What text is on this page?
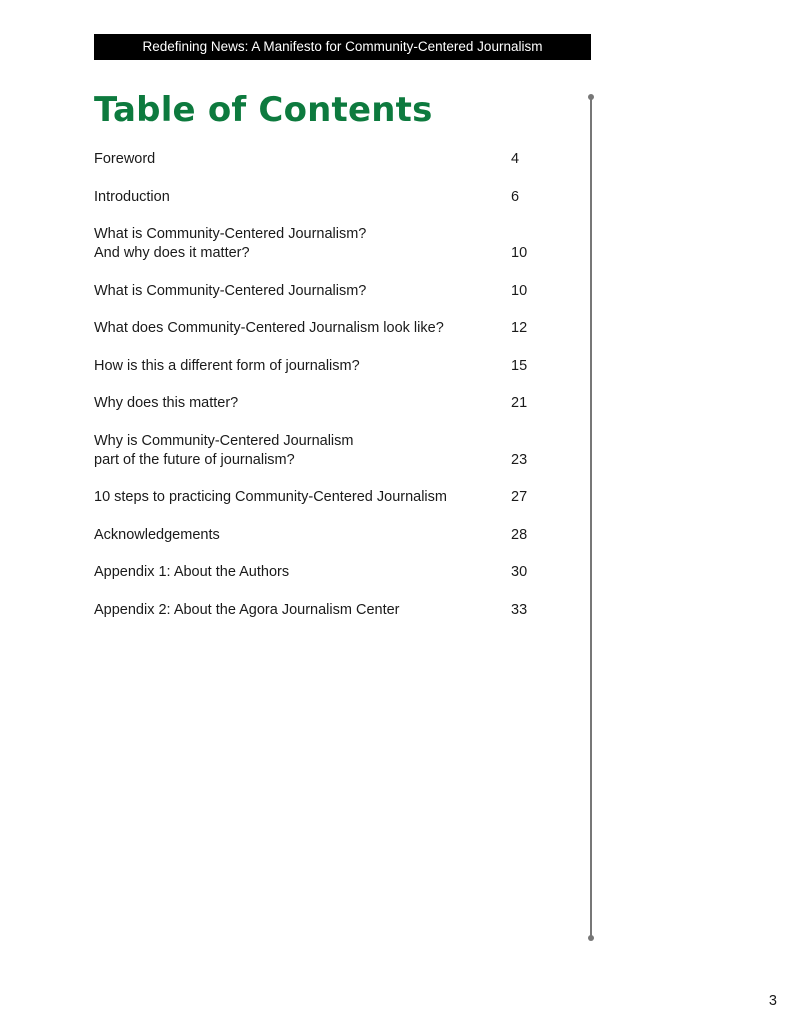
Redefining News: A Manifesto for Community-Centered Journalism
Table of Contents
Foreword	4
Introduction	6
What is Community-Centered Journalism?
And why does it matter?	10
What is Community-Centered Journalism?	10
What does Community-Centered Journalism look like?	12
How is this a different form of journalism?	15
Why does this matter?	21
Why is Community-Centered Journalism
part of the future of journalism?	23
10 steps to practicing Community-Centered Journalism	27
Acknowledgements	28
Appendix 1: About the Authors	30
Appendix 2: About the Agora Journalism Center	33
3
